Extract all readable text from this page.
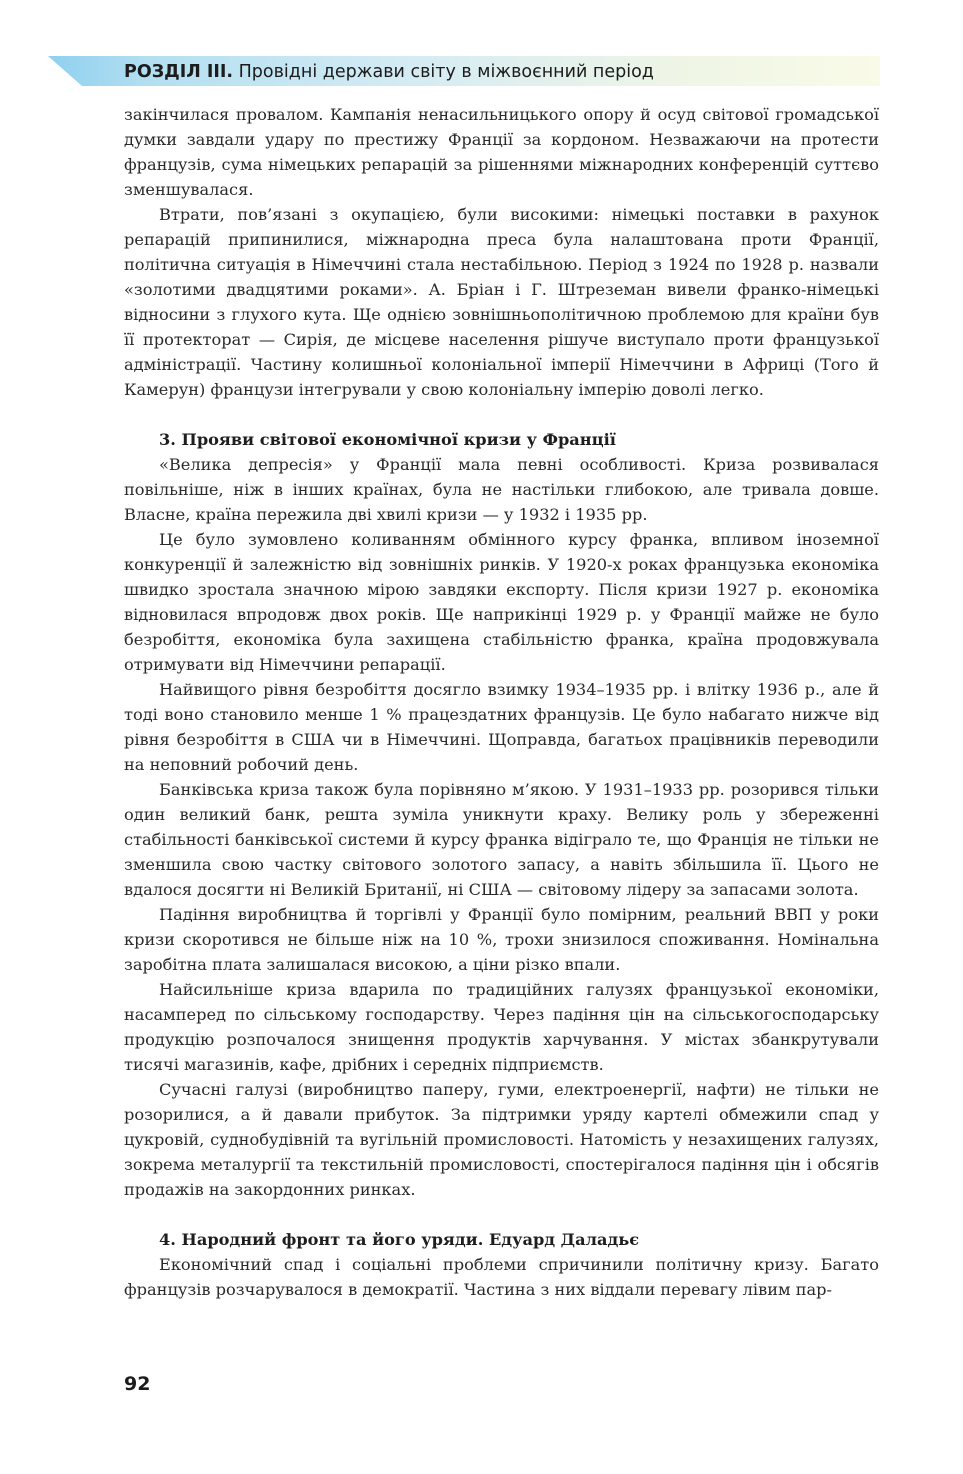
РОЗДІЛ ІІІ. Провідні держави світу в міжвоєнний період

закінчилася провалом. Кампанія ненасильницького опору й осуд світової громадської думки завдали удару по престижу Франції за кордоном. Незважаючи на протести французів, сума німецьких репарацій за рішеннями міжнародних конференцій суттєво зменшувалася.

Втрати, пов’язані з окупацією, були високими: німецькі поставки в рахунок репарацій припинилися, міжнародна преса була налаштована проти Франції, політична ситуація в Німеччині стала нестабільною. Період з 1924 по 1928 р. назвали «золотими двадцятими роками». А. Бріан і Г. Штреземан вивели франко-німецькі відносини з глухого кута. Ще однією зовнішньополітичною проблемою для країни був її протекторат — Сирія, де місцеве населення рішуче виступало проти французької адміністрації. Частину колишньої колоніальної імперії Німеччини в Африці (Того й Камерун) французи інтегрували у свою колоніальну імперію доволі легко.

3. Прояви світової економічної кризи у Франції

«Велика депресія» у Франції мала певні особливості. Криза розвивалася повільніше, ніж в інших країнах, була не настільки глибокою, але тривала довше. Власне, країна пережила дві хвилі кризи — у 1932 і 1935 рр.

Це було зумовлено коливанням обмінного курсу франка, впливом іноземної конкуренції й залежністю від зовнішніх ринків. У 1920-х роках французька економіка швидко зростала значною мірою завдяки експорту. Після кризи 1927 р. економіка відновилася впродовж двох років. Ще наприкінці 1929 р. у Франції майже не було безробіття, економіка була захищена стабільністю франка, країна продовжувала отримувати від Німеччини репарації.

Найвищого рівня безробіття досягло взимку 1934–1935 рр. і влітку 1936 р., але й тоді воно становило менше 1 % працездатних французів. Це було набагато нижче від рівня безробіття в США чи в Німеччині. Щоправда, багатьох працівників переводили на неповний робочий день.

Банківська криза також була порівняно м’якою. У 1931–1933 рр. розорився тільки один великий банк, решта зуміла уникнути краху. Велику роль у збереженні стабільності банківської системи й курсу франка відіграло те, що Франція не тільки не зменшила свою частку світового золотого запасу, а навіть збільшила її. Цього не вдалося досягти ні Великій Британії, ні США — світовому лідеру за запасами золота.

Падіння виробництва й торгівлі у Франції було помірним, реальний ВВП у роки кризи скоротився не більше ніж на 10 %, трохи знизилося споживання. Номінальна заробітна плата залишалася високою, а ціни різко впали.

Найсильніше криза вдарила по традиційних галузях французької економіки, насамперед по сільському господарству. Через падіння цін на сільськогосподарську продукцію розпочалося знищення продуктів харчування. У містах збанкрутували тисячі магазинів, кафе, дрібних і середніх підприємств.

Сучасні галузі (виробництво паперу, гуми, електроенергії, нафти) не тільки не розорилися, а й давали прибуток. За підтримки уряду картелі обмежили спад у цукровій, суднобудівній та вугільній промисловості. Натомість у незахищених галузях, зокрема металургії та текстильній промисловості, спостерігалося падіння цін і обсягів продажів на закордонних ринках.

4. Народний фронт та його уряди. Едуард Даладьє

Економічний спад і соціальні проблеми спричинили політичну кризу. Багато французів розчарувалося в демократії. Частина з них віддали перевагу лівим пар-

92
